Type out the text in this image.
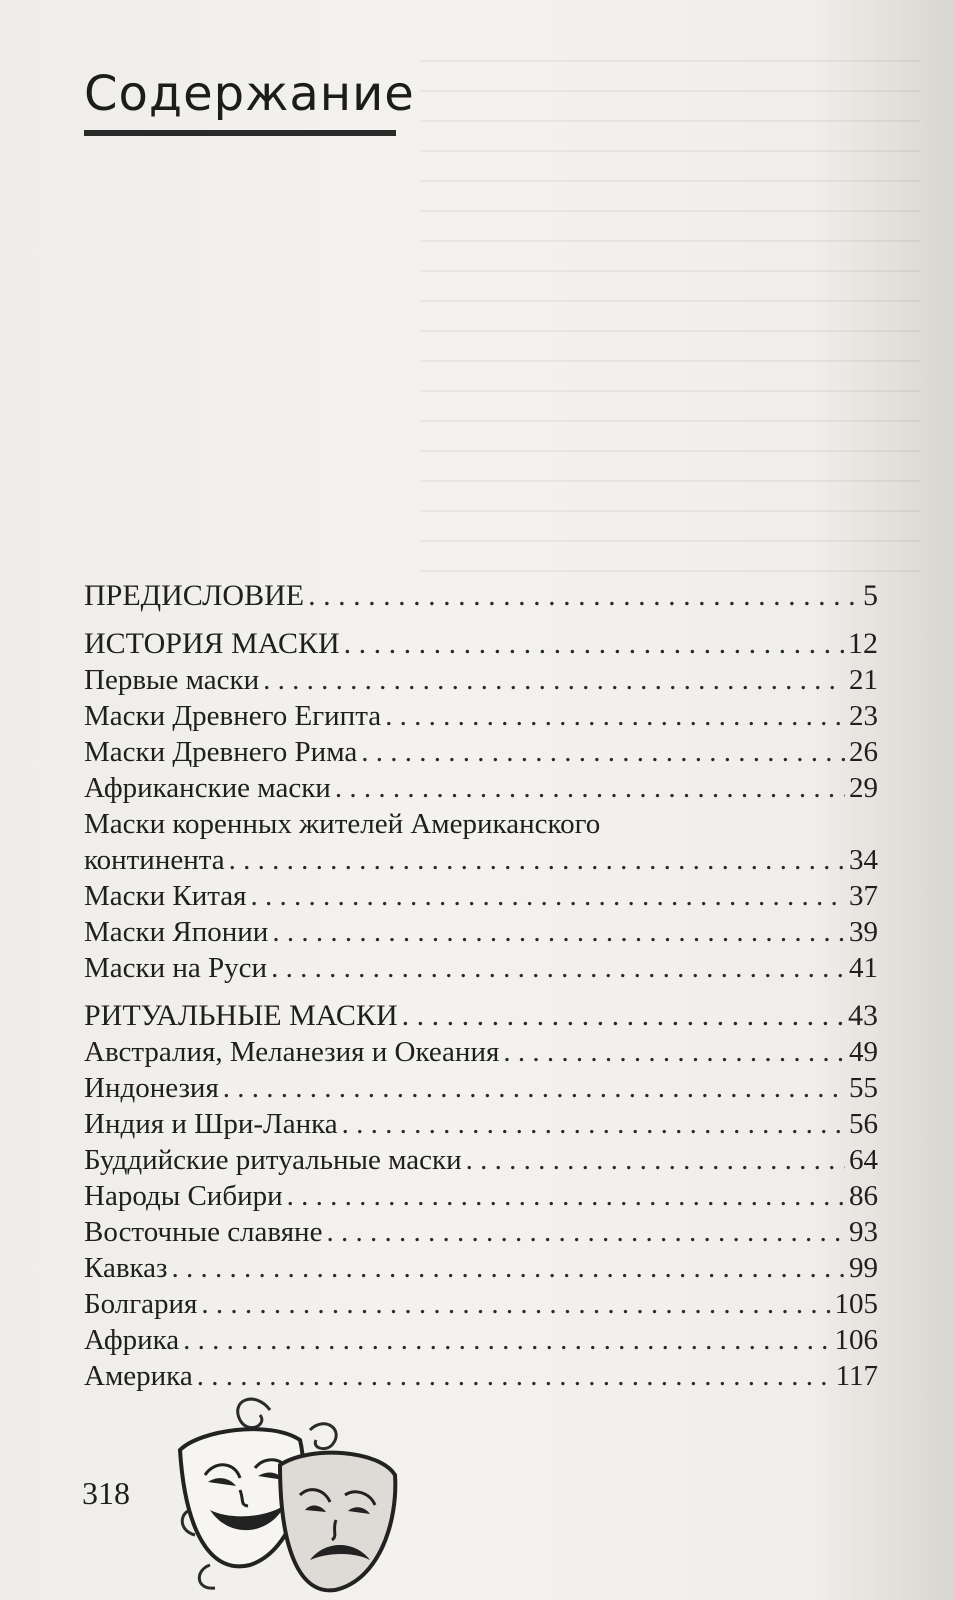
Содержание
ПРЕДИСЛОВИЕ . . .	5
ИСТОРИЯ МАСКИ . . .	12
Первые маски . . .	21
Маски Древнего Египта . . .	23
Маски Древнего Рима . . .	26
Африканские маски . . .	29
Маски коренных жителей Американского
континента . . .	34
Маски Китая . . .	37
Маски Японии . . .	39
Маски на Руси . . .	41
РИТУАЛЬНЫЕ МАСКИ . . .	43
Австралия, Меланезия и Океания . . .	49
Индонезия . . .	55
Индия и Шри-Ланка . . .	56
Буддийские ритуальные маски . . .	64
Народы Сибири . . .	86
Восточные славяне . . .	93
Кавказ . . .	99
Болгария . . .	105
Африка . . .	106
Америка . . .	117
318
